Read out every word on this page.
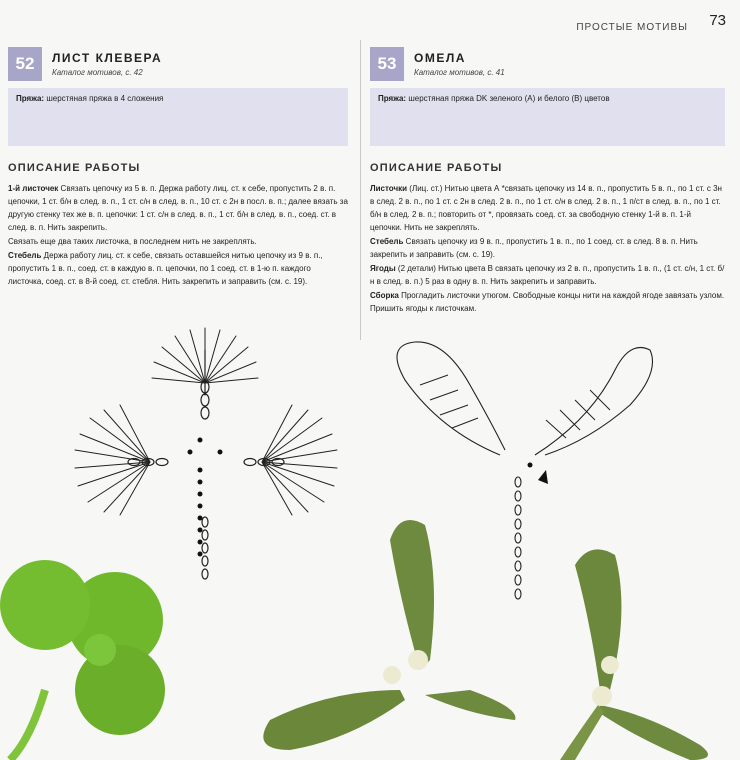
ПРОСТЫЕ МОТИВЫ 73
52	ЛИСТ КЛЕВЕРА
Каталог мотивов, с. 42
Пряжа: шерстяная пряжа в 4 сложения
ОПИСАНИЕ РАБОТЫ

1-й листочек Связать цепочку из 5 в. п. Держа работу лиц. ст. к себе, пропустить 2 в. п. цепочки, 1 ст. б/н в след. в. п., 1 ст. с/н в след. в. п., 10 ст. с 2н в посл. в. п.; далее вязать за другую стенку тех же в. п. цепочки: 1 ст. с/н в след. в. п., 1 ст. б/н в след. в. п., соед. ст. в след. в. п. Нить закрепить.

Связать еще два таких листочка, в последнем нить не закреплять.

Стебель Держа работу лиц. ст. к себе, связать оставшейся нитью цепочку из 9 в. п., пропустить 1 в. п., соед. ст. в каждую в. п. цепочки, по 1 соед. ст. в 1-ю п. каждого листочка, соед. ст. в 8-й соед. ст. стебля. Нить закрепить и заправить (см. с. 19).

53	ОМЕЛА
Каталог мотивов, с. 41
Пряжа: шерстяная пряжа DK зеленого (A) и белого (B) цветов
ОПИСАНИЕ РАБОТЫ

Листочки (Лиц. ст.) Нитью цвета А *связать цепочку из 14 в. п., пропустить 5 в. п., по 1 ст. с 3н в след. 2 в. п., по 1 ст. с 2н в след. 2 в. п., по 1 ст. с/н в след. 2 в. п., 1 п/ст в след. в. п., по 1 ст. б/н в след. 2 в. п.; повторить от *, провязать соед. ст. за свободную стенку 1-й в. п. 1-й цепочки. Нить не закреплять.

Стебель Связать цепочку из 9 в. п., пропустить 1 в. п., по 1 соед. ст. в след. 8 в. п. Нить закрепить и заправить (см. с. 19).

Ягоды (2 детали) Нитью цвета В связать цепочку из 2 в. п., пропустить 1 в. п., (1 ст. с/н, 1 ст. б/н в след. в. п.) 5 раз в одну в. п. Нить закрепить и заправить.

Сборка Прогладить листочки утюгом. Свободные концы нити на каждой ягоде завязать узлом. Пришить ягоды к листочкам.
